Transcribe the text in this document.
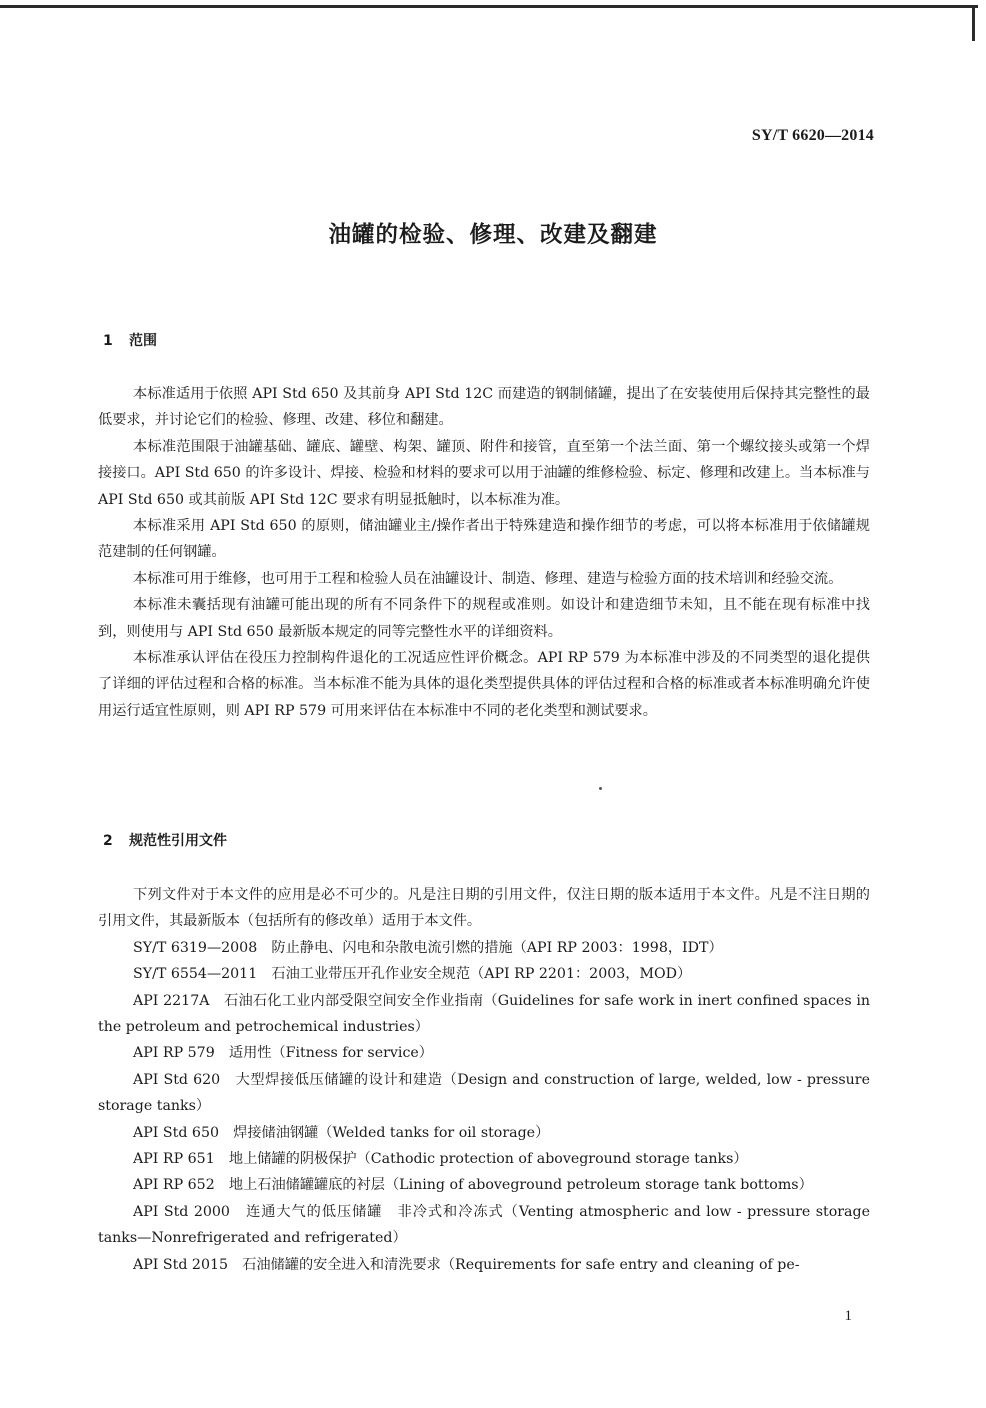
SY/T 6620—2014
油罐的检验、修理、改建及翻建
1 范围

本标准适用于依照 API Std 650 及其前身 API Std 12C 而建造的钢制储罐，提出了在安装使用后保持其完整性的最低要求，并讨论它们的检验、修理、改建、移位和翻建。

本标准范围限于油罐基础、罐底、罐壁、构架、罐顶、附件和接管，直至第一个法兰面、第一个螺纹接头或第一个焊接接口。API Std 650 的许多设计、焊接、检验和材料的要求可以用于油罐的维修检验、标定、修理和改建上。当本标准与 API Std 650 或其前版 API Std 12C 要求有明显抵触时，以本标准为准。

本标准采用 API Std 650 的原则，储油罐业主/操作者出于特殊建造和操作细节的考虑，可以将本标准用于依储罐规范建制的任何钢罐。

本标准可用于维修，也可用于工程和检验人员在油罐设计、制造、修理、建造与检验方面的技术培训和经验交流。

本标准未囊括现有油罐可能出现的所有不同条件下的规程或准则。如设计和建造细节未知，且不能在现有标准中找到，则使用与 API Std 650 最新版本规定的同等完整性水平的详细资料。

本标准承认评估在役压力控制构件退化的工况适应性评价概念。API RP 579 为本标准中涉及的不同类型的退化提供了详细的评估过程和合格的标准。当本标准不能为具体的退化类型提供具体的评估过程和合格的标准或者本标准明确允许使用运行适宜性原则，则 API RP 579 可用来评估在本标准中不同的老化类型和测试要求。

2 规范性引用文件

下列文件对于本文件的应用是必不可少的。凡是注日期的引用文件，仅注日期的版本适用于本文件。凡是不注日期的引用文件，其最新版本（包括所有的修改单）适用于本文件。

SY/T 6319—2008　防止静电、闪电和杂散电流引燃的措施（API RP 2003：1998，IDT）

SY/T 6554—2011　石油工业带压开孔作业安全规范（API RP 2201：2003，MOD）

API 2217A　石油石化工业内部受限空间安全作业指南（Guidelines for safe work in inert confined spaces in the petroleum and petrochemical industries）

API RP 579　适用性（Fitness for service）

API Std 620　大型焊接低压储罐的设计和建造（Design and construction of large, welded, low - pressure storage tanks）

API Std 650　焊接储油钢罐（Welded tanks for oil storage）

API RP 651　地上储罐的阴极保护（Cathodic protection of aboveground storage tanks）

API RP 652　地上石油储罐罐底的衬层（Lining of aboveground petroleum storage tank bottoms）

API Std 2000　连通大气的低压储罐　非冷式和冷冻式（Venting atmospheric and low - pressure storage tanks—Nonrefrigerated and refrigerated）

API Std 2015　石油储罐的安全进入和清洗要求（Requirements for safe entry and cleaning of pe-

1
